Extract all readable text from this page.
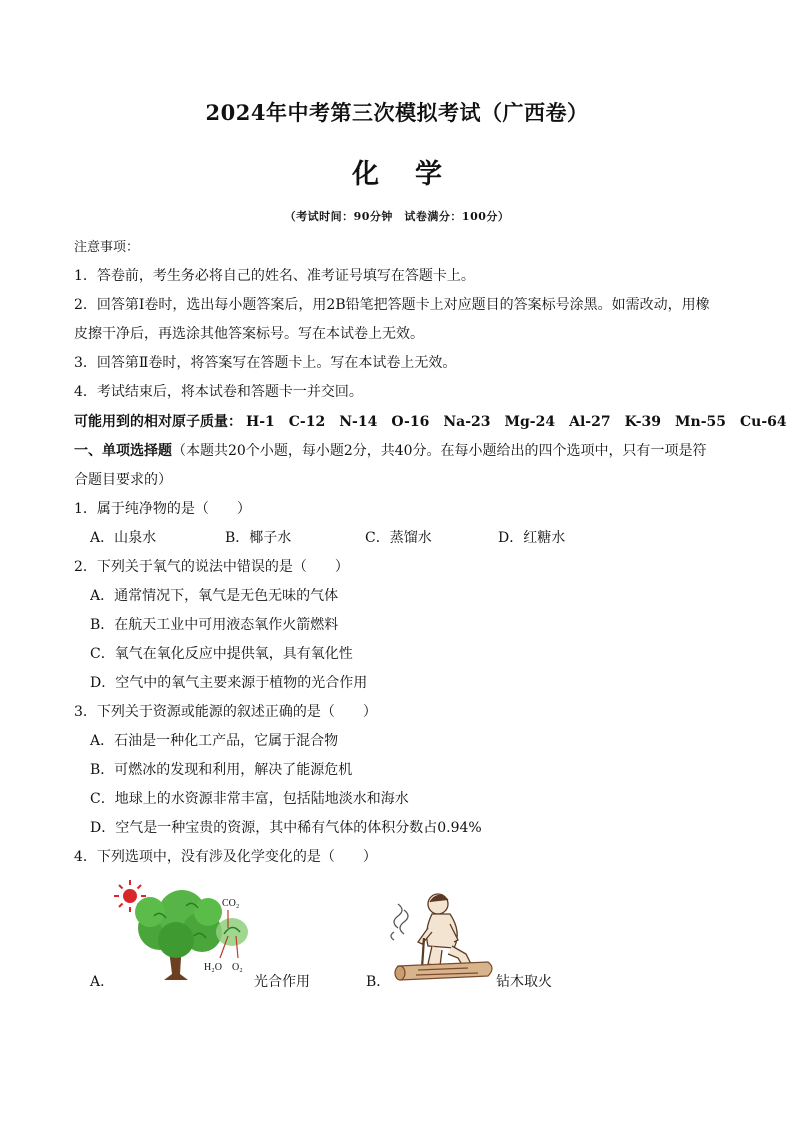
2024年中考第三次模拟考试（广西卷）
化学
（考试时间：90分钟　试卷满分：100分）
注意事项：
1．答卷前，考生务必将自己的姓名、准考证号填写在答题卡上。
2．回答第Ⅰ卷时，选出每小题答案后，用2B铅笔把答题卡上对应题目的答案标号涂黑。如需改动，用橡
皮擦干净后，再选涂其他答案标号。写在本试卷上无效。
3．回答第Ⅱ卷时，将答案写在答题卡上。写在本试卷上无效。
4．考试结束后，将本试卷和答题卡一并交回。
可能用到的相对原子质量： H-1 C-12 N-14 O-16 Na-23 Mg-24 Al-27 K-39 Mn-55 Cu-64
一、单项选择题（本题共20个小题，每小题2分，共40分。在每小题给出的四个选项中，只有一项是符
合题目要求的）
1．属于纯净物的是（　　）
A．山泉水	B．椰子水	C．蒸馏水	D．红糖水
2．下列关于氧气的说法中错误的是（　　）
A．通常情况下，氧气是无色无味的气体
B．在航天工业中可用液态氧作火箭燃料
C．氧气在氧化反应中提供氧，具有氧化性
D．空气中的氧气主要来源于植物的光合作用
3．下列关于资源或能源的叙述正确的是（　　）
A．石油是一种化工产品，它属于混合物
B．可燃冰的发现和利用，解决了能源危机
C．地球上的水资源非常丰富，包括陆地淡水和海水
D．空气是一种宝贵的资源，其中稀有气体的体积分数占0.94%
4．下列选项中，没有涉及化学变化的是（　　）
A．
CO₂
H₂O O₂
光合作用	B．	钻木取火
